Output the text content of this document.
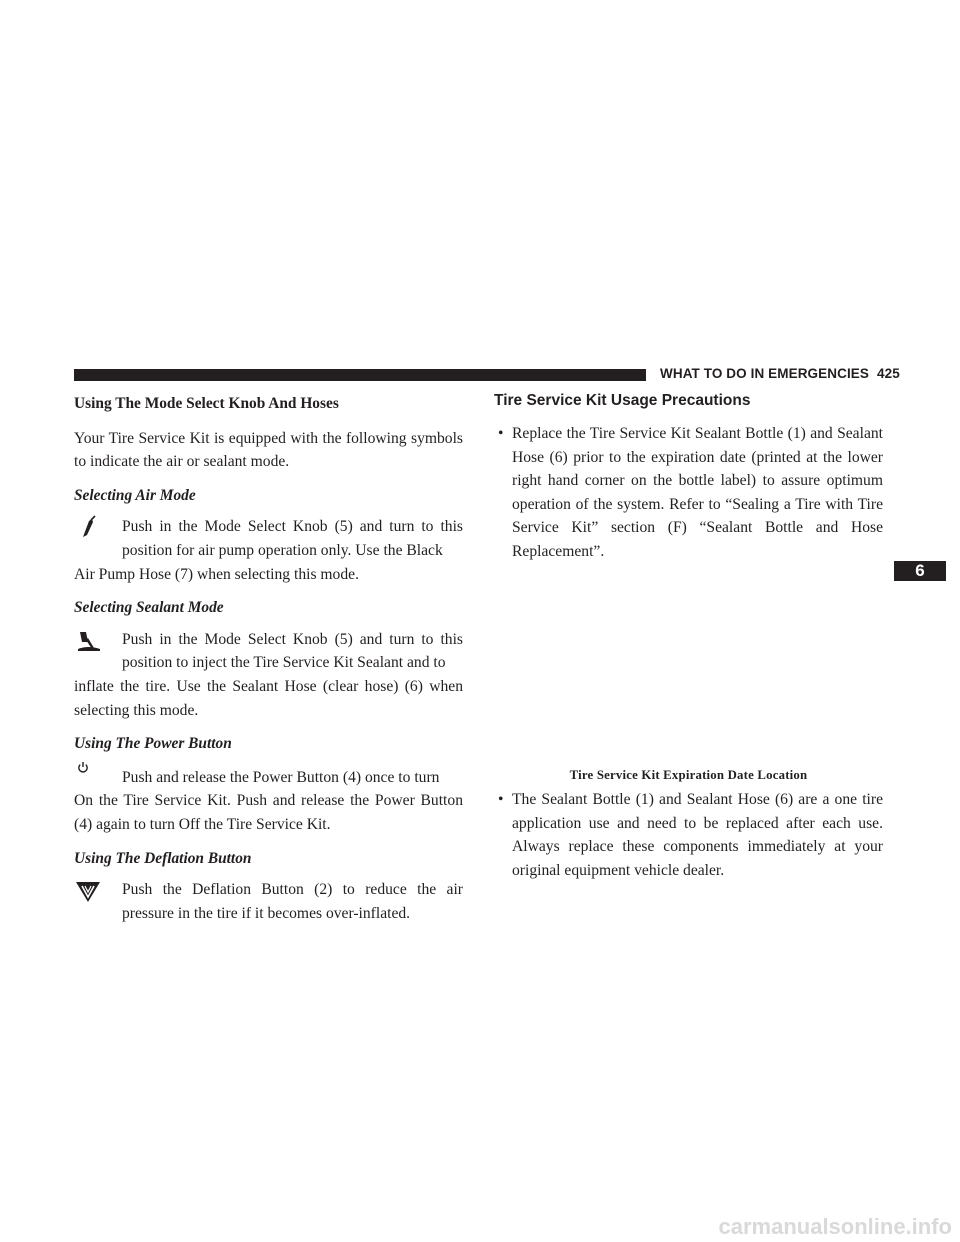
WHAT TO DO IN EMERGENCIES 425
6
Using The Mode Select Knob And Hoses

Your Tire Service Kit is equipped with the following symbols to indicate the air or sealant mode.

Selecting Air Mode

Push in the Mode Select Knob (5) and turn to this position for air pump operation only. Use the Black

Air Pump Hose (7) when selecting this mode.

Selecting Sealant Mode

Push in the Mode Select Knob (5) and turn to this position to inject the Tire Service Kit Sealant and to

inflate the tire. Use the Sealant Hose (clear hose) (6) when selecting this mode.

Using The Power Button

Push and release the Power Button (4) once to turn

On the Tire Service Kit. Push and release the Power Button (4) again to turn Off the Tire Service Kit.

Using The Deflation Button

Push the Deflation Button (2) to reduce the air pressure in the tire if it becomes over-inflated.

Tire Service Kit Usage Precautions
• Replace the Tire Service Kit Sealant Bottle (1) and Sealant Hose (6) prior to the expiration date (printed at the lower right hand corner on the bottle label) to assure optimum operation of the system. Refer to “Sealing a Tire with Tire Service Kit” section (F) “Sealant Bottle and Hose Replacement”.
Tire Service Kit Expiration Date Location
• The Sealant Bottle (1) and Sealant Hose (6) are a one tire application use and need to be replaced after each use. Always replace these components immediately at your original equipment vehicle dealer.
carmanualsonline.info
